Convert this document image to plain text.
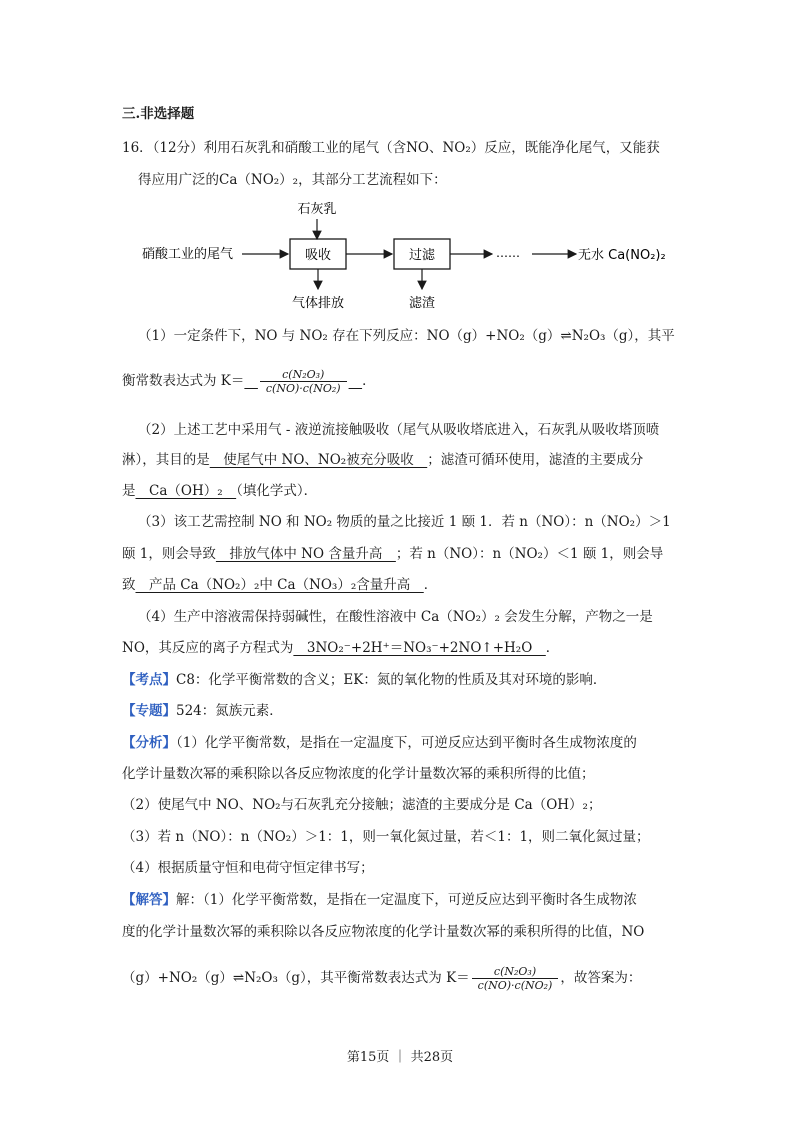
三.非选择题
16．（12分）利用石灰乳和硝酸工业的尾气（含NO、NO₂）反应，既能净化尾气，又能获
得应用广泛的Ca（NO₂）₂，其部分工艺流程如下：
石灰乳
硝酸工业的尾气	吸收	过滤	……	无水 Ca(NO₂)₂
气体排放	滤渣
（1）一定条件下，NO 与 NO₂ 存在下列反应：NO（g）+NO₂（g）⇌N₂O₃（g），其平
衡常数表达式为 K＝　 $\frac{\text{c(N₂O₃)}}{\text{c(NO)·c(NO₂)}}$
　 ．
（2）上述工艺中采用气 - 液逆流接触吸收（尾气从吸收塔底进入，石灰乳从吸收塔顶喷
淋），其目的是　使尾气中 NO、NO₂被充分吸收　；滤渣可循环使用，滤渣的主要成分
是　Ca（OH）₂　（填化学式）．
（3）该工艺需控制 NO 和 NO₂ 物质的量之比接近 1 颐 1．若 n（NO）：n（NO₂）＞1
颐 1，则会导致　排放气体中 NO 含量升高　；若 n（NO）：n（NO₂）＜1 颐 1，则会导
致　产品 Ca（NO₂）₂中 Ca（NO₃）₂含量升高　．
（4）生产中溶液需保持弱碱性，在酸性溶液中 Ca（NO₂）₂ 会发生分解，产物之一是
NO，其反应的离子方程式为　3NO₂⁻+2H⁺＝NO₃⁻+2NO↑+H₂O　．
【考点】C8：化学平衡常数的含义；EK：氮的氧化物的性质及其对环境的影响．
【专题】524：氮族元素．
【分析】（1）化学平衡常数，是指在一定温度下，可逆反应达到平衡时各生成物浓度的
化学计量数次幂的乘积除以各反应物浓度的化学计量数次幂的乘积所得的比值；
（2）使尾气中 NO、NO₂与石灰乳充分接触；滤渣的主要成分是 Ca（OH）₂；
（3）若 n（NO）：n（NO₂）＞1：1，则一氧化氮过量，若＜1：1，则二氧化氮过量；
（4）根据质量守恒和电荷守恒定律书写；
【解答】解：（1）化学平衡常数，是指在一定温度下，可逆反应达到平衡时各生成物浓
度的化学计量数次幂的乘积除以各反应物浓度的化学计量数次幂的乘积所得的比值，NO
（g）+NO₂（g）⇌N₂O₃（g），其平衡常数表达式为 $K= \frac{\text{c(N₂O₃)}}{\text{c(NO)·c(NO₂)}}$ ，故答案为：
第15页 ｜ 共28页
